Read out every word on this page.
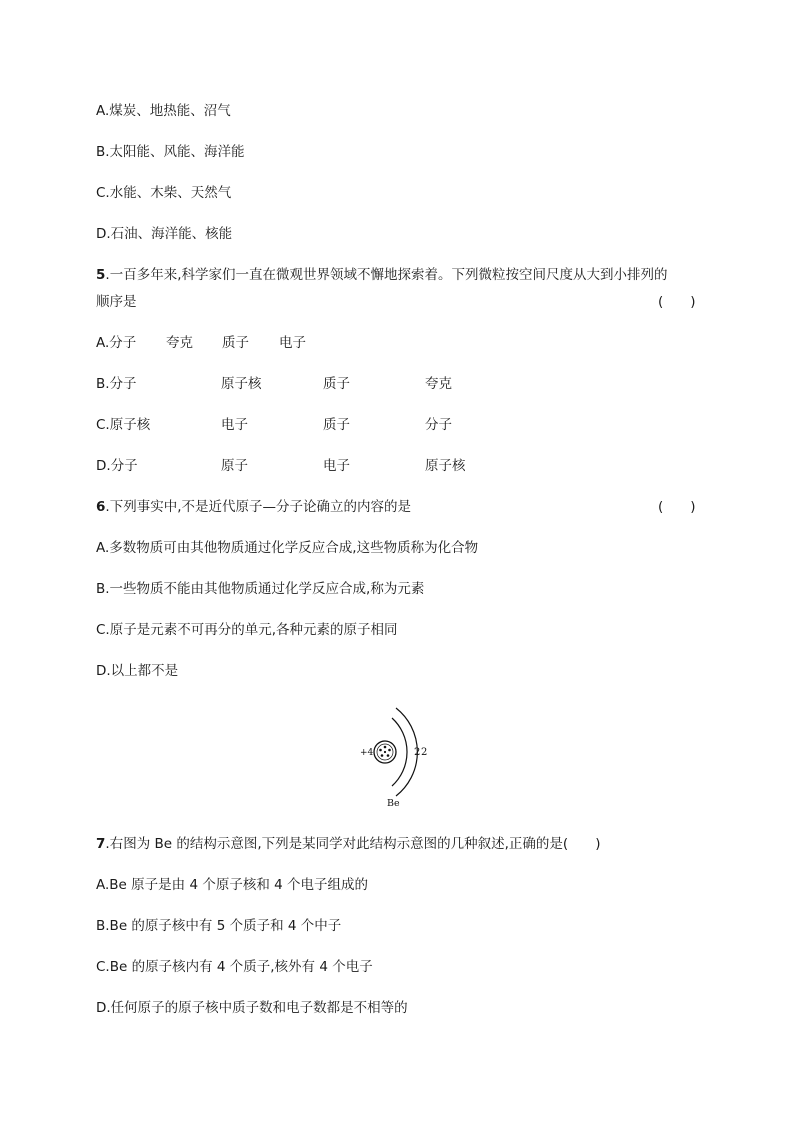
A.煤炭、地热能、沼气
B.太阳能、风能、海洋能
C.水能、木柴、天然气
D.石油、海洋能、核能
5.一百多年来,科学家们一直在微观世界领域不懈地探索着。下列微粒按空间尺度从大到小排列的
顺序是	(　　)
A.分子 夸克 质子 电子
B.分子	原子核	质子	夸克
C.原子核	电子	质子	分子
D.分子	原子	电子	原子核
6.下列事实中,不是近代原子—分子论确立的内容的是	(　　)
A.多数物质可由其他物质通过化学反应合成,这些物质称为化合物
B.一些物质不能由其他物质通过化学反应合成,称为元素
C.原子是元素不可再分的单元,各种元素的原子相同
D.以上都不是
+4	2 2
Be
7.右图为 Be 的结构示意图,下列是某同学对此结构示意图的几种叙述,正确的是(　　)
A.Be 原子是由 4 个原子核和 4 个电子组成的
B.Be 的原子核中有 5 个质子和 4 个中子
C.Be 的原子核内有 4 个质子,核外有 4 个电子
D.任何原子的原子核中质子数和电子数都是不相等的
